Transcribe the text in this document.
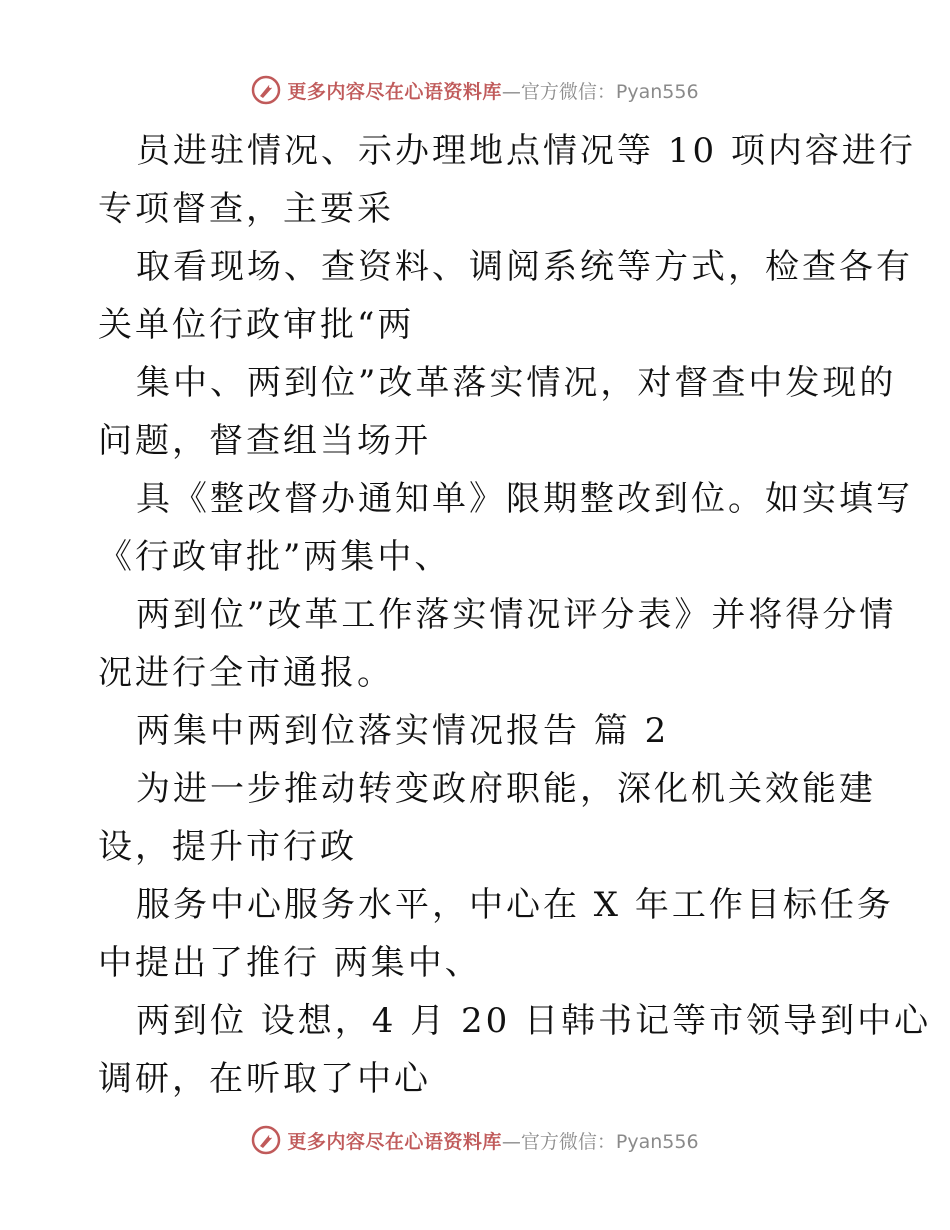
更多内容尽在心语资料库 —官方微信：Pyan556
员进驻情况、示办理地点情况等 10 项内容进行
专项督查，主要采
取看现场、查资料、调阅系统等方式，检查各有
关单位行政审批“两
集中、两到位”改革落实情况，对督查中发现的
问题，督查组当场开
具《整改督办通知单》限期整改到位。如实填写
《行政审批”两集中、
两到位”改革工作落实情况评分表》并将得分情
况进行全市通报。
两集中两到位落实情况报告 篇 2
为进一步推动转变政府职能，深化机关效能建
设，提升市行政
服务中心服务水平，中心在 X 年工作目标任务
中提出了推行 两集中、
两到位 设想，4 月 20 日韩书记等市领导到中心
调研，在听取了中心
更多内容尽在心语资料库 —官方微信：Pyan556
